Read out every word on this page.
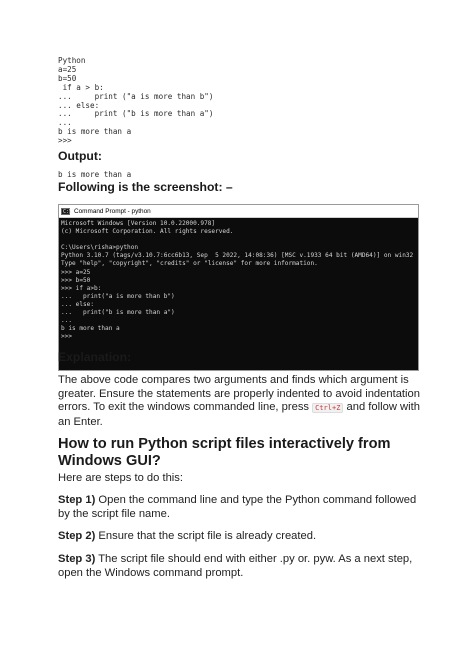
Python
a=25
b=50
if a > b:
...     print ("a is more than b")
... else:
...     print ("b is more than a")
...
b is more than a
>>>
Output:
b is more than a
Following is the screenshot: –
C:\ Command Prompt - python
Microsoft Windows [Version 10.0.22000.978]
(c) Microsoft Corporation. All rights reserved.

C:\Users\risha>python
Python 3.10.7 (tags/v3.10.7:6cc6b13, Sep  5 2022, 14:08:36) [MSC v.1933 64 bit (AMD64)] on win32
Type "help", "copyright", "credits" or "license" for more information.
>>> a=25
>>> b=50
>>> if a>b:
...   print("a is more than b")
... else:
...   print("b is more than a")
...
b is more than a
>>>
Explanation:

The above code compares two arguments and finds which argument is greater. Ensure the statements are properly indented to avoid indentation errors. To exit the windows commanded line, press Ctrl+Z and follow with an Enter.

How to run Python script files interactively from Windows GUI?

Here are steps to do this:

Step 1) Open the command line and type the Python command followed by the script file name.

Step 2) Ensure that the script file is already created.

Step 3) The script file should end with either .py or. pyw. As a next step, open the Windows command prompt.
